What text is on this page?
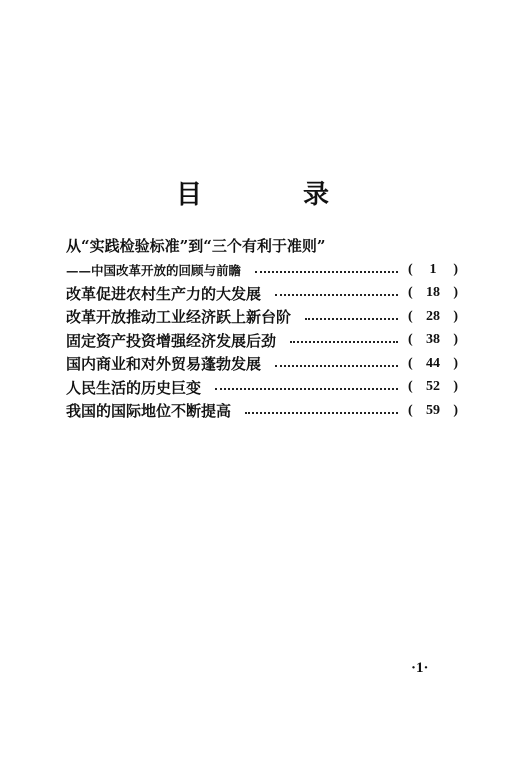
目 录
从“实践检验标准”到“三个有利于准则”
——中国改革开放的回顾与前瞻	(	1	)
改革促进农村生产力的大发展	( 18 )
改革开放推动工业经济跃上新台阶	( 28 )
固定资产投资增强经济发展后劲	( 38 )
国内商业和对外贸易蓬勃发展	( 44 )
人民生活的历史巨变	( 52 )
我国的国际地位不断提高	( 59 )
·1·
